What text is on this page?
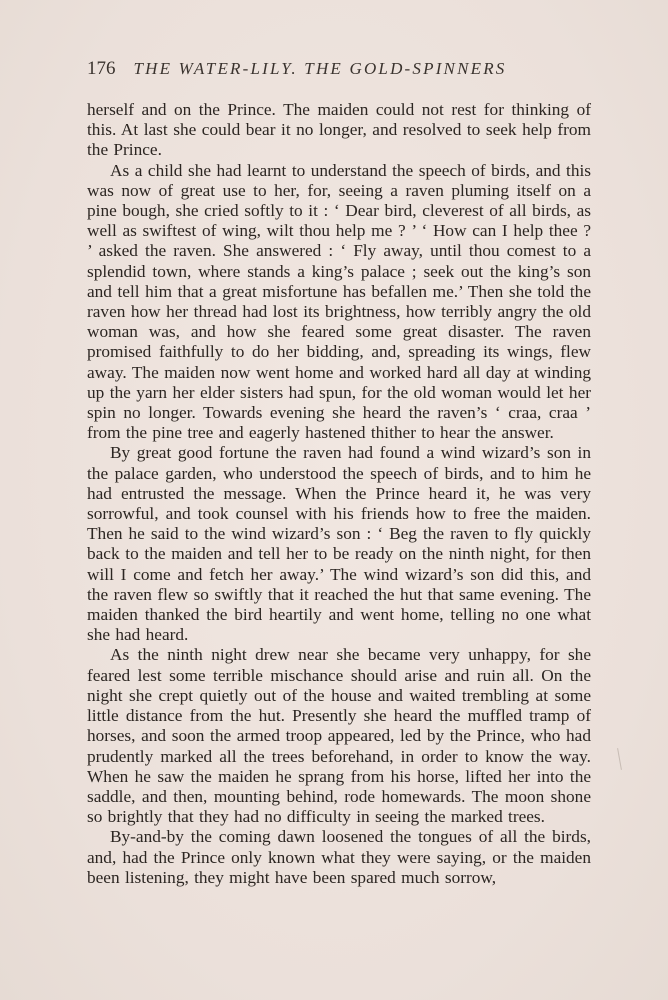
176 THE WATER-LILY. THE GOLD-SPINNERS

herself and on the Prince. The maiden could not rest for thinking of this. At last she could bear it no longer, and resolved to seek help from the Prince.

As a child she had learnt to understand the speech of birds, and this was now of great use to her, for, seeing a raven pluming itself on a pine bough, she cried softly to it : ‘ Dear bird, cleverest of all birds, as well as swiftest of wing, wilt thou help me ? ’ ‘ How can I help thee ? ’ asked the raven. She answered : ‘ Fly away, until thou comest to a splendid town, where stands a king’s palace ; seek out the king’s son and tell him that a great misfortune has befallen me.’ Then she told the raven how her thread had lost its brightness, how terribly angry the old woman was, and how she feared some great disaster. The raven promised faithfully to do her bidding, and, spreading its wings, flew away. The maiden now went home and worked hard all day at winding up the yarn her elder sisters had spun, for the old woman would let her spin no longer. Towards evening she heard the raven’s ‘ craa, craa ’ from the pine tree and eagerly hastened thither to hear the answer.

By great good fortune the raven had found a wind wizard’s son in the palace garden, who understood the speech of birds, and to him he had entrusted the message. When the Prince heard it, he was very sorrowful, and took counsel with his friends how to free the maiden. Then he said to the wind wizard’s son : ‘ Beg the raven to fly quickly back to the maiden and tell her to be ready on the ninth night, for then will I come and fetch her away.’ The wind wizard’s son did this, and the raven flew so swiftly that it reached the hut that same evening. The maiden thanked the bird heartily and went home, telling no one what she had heard.

As the ninth night drew near she became very unhappy, for she feared lest some terrible mischance should arise and ruin all. On the night she crept quietly out of the house and waited trembling at some little distance from the hut. Presently she heard the muffled tramp of horses, and soon the armed troop appeared, led by the Prince, who had prudently marked all the trees beforehand, in order to know the way. When he saw the maiden he sprang from his horse, lifted her into the saddle, and then, mounting behind, rode homewards. The moon shone so brightly that they had no difficulty in seeing the marked trees.

By-and-by the coming dawn loosened the tongues of all the birds, and, had the Prince only known what they were saying, or the maiden been listening, they might have been spared much sorrow,
